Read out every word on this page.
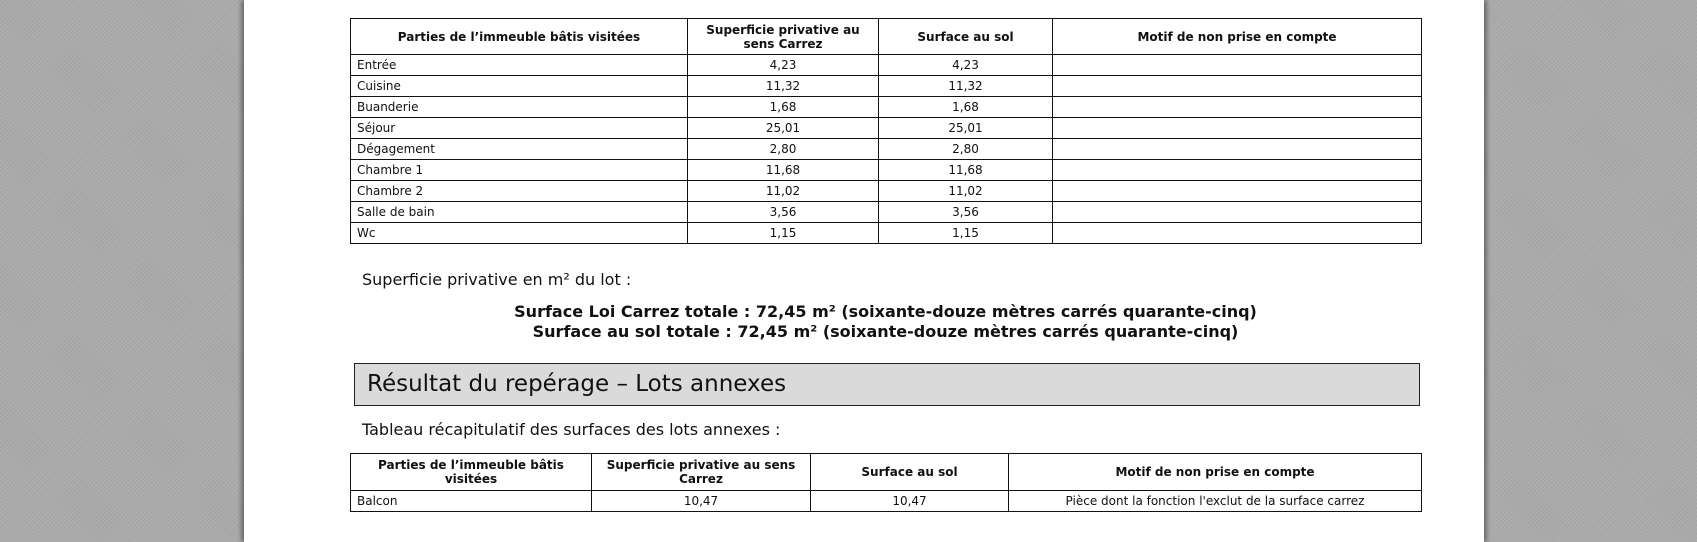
Parties de l’immeuble bâtis visitées	Superficie privative au sens Carrez	Surface au sol	Motif de non prise en compte
Entrée	4,23	4,23	
Cuisine	11,32	11,32	
Buanderie	1,68	1,68	
Séjour	25,01	25,01	
Dégagement	2,80	2,80	
Chambre 1	11,68	11,68	
Chambre 2	11,02	11,02	
Salle de bain	3,56	3,56	
Wc	1,15	1,15	
Superficie privative en m² du lot :
Surface Loi Carrez totale : 72,45 m² (soixante-douze mètres carrés quarante-cinq)
Surface au sol totale : 72,45 m² (soixante-douze mètres carrés quarante-cinq)
Résultat du repérage – Lots annexes
Tableau récapitulatif des surfaces des lots annexes :
Parties de l’immeuble bâtis visitées	Superficie privative au sens Carrez	Surface au sol	Motif de non prise en compte
Balcon	10,47	10,47	Pièce dont la fonction l'exclut de la surface carrez
